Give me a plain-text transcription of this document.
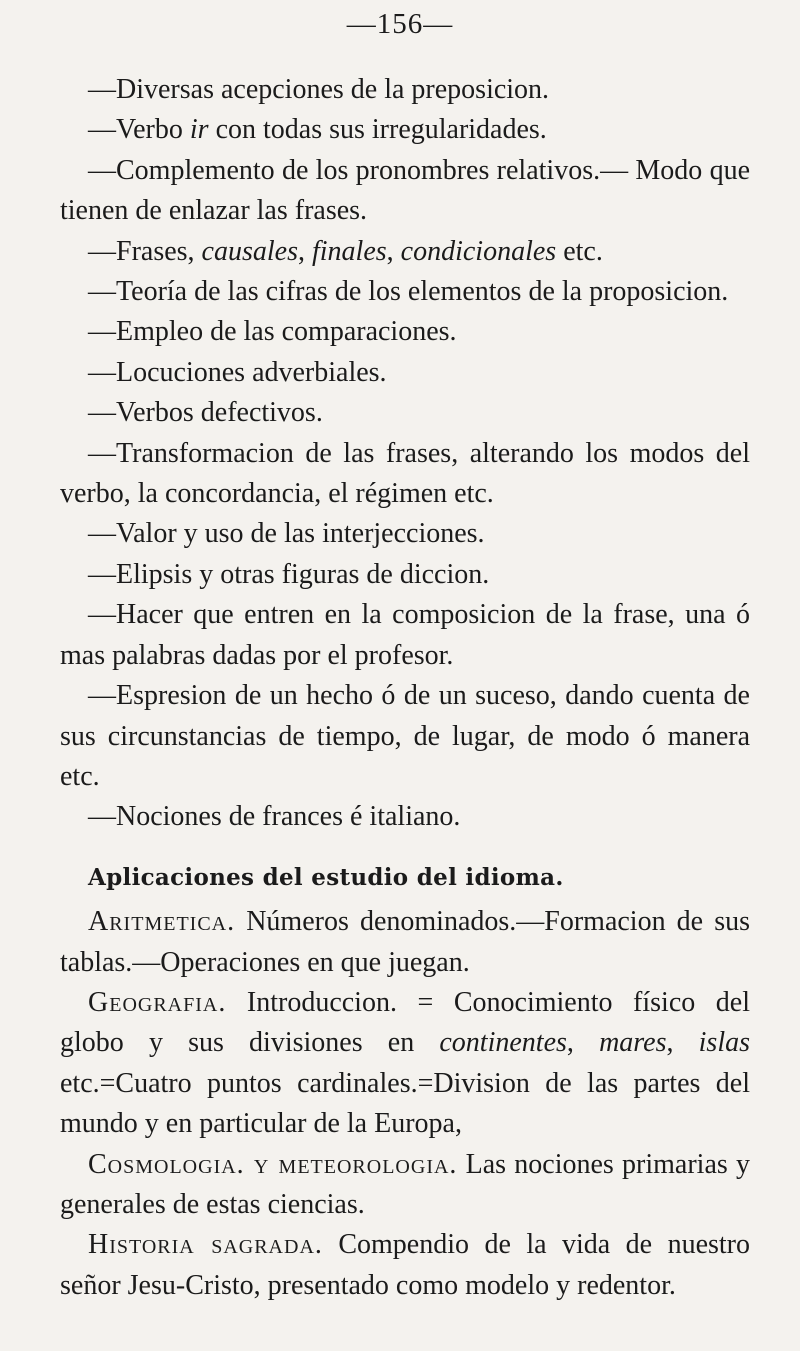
—156—

—Diversas acepciones de la preposicion.

—Verbo ir con todas sus irregularidades.

—Complemento de los pronombres relativos.— Modo que tienen de enlazar las frases.

—Frases, causales, finales, condicionales etc.

—Teoría de las cifras de los elementos de la proposicion.

—Empleo de las comparaciones.

—Locuciones adverbiales.

—Verbos defectivos.

—Transformacion de las frases, alterando los modos del verbo, la concordancia, el régimen etc.

—Valor y uso de las interjecciones.

—Elipsis y otras figuras de diccion.

—Hacer que entren en la composicion de la frase, una ó mas palabras dadas por el profesor.

—Espresion de un hecho ó de un suceso, dando cuenta de sus circunstancias de tiempo, de lugar, de modo ó manera etc.

—Nociones de frances é italiano.

Aplicaciones del estudio del idioma.

Aritmetica. Números denominados.—Formacion de sus tablas.—Operaciones en que juegan.

Geografia. Introduccion. = Conocimiento físico del globo y sus divisiones en continentes, mares, islas etc.=Cuatro puntos cardinales.=Division de las partes del mundo y en particular de la Europa,

Cosmologia. y meteorologia. Las nociones primarias y generales de estas ciencias.

Historia sagrada. Compendio de la vida de nuestro señor Jesu-Cristo, presentado como modelo y redentor.
